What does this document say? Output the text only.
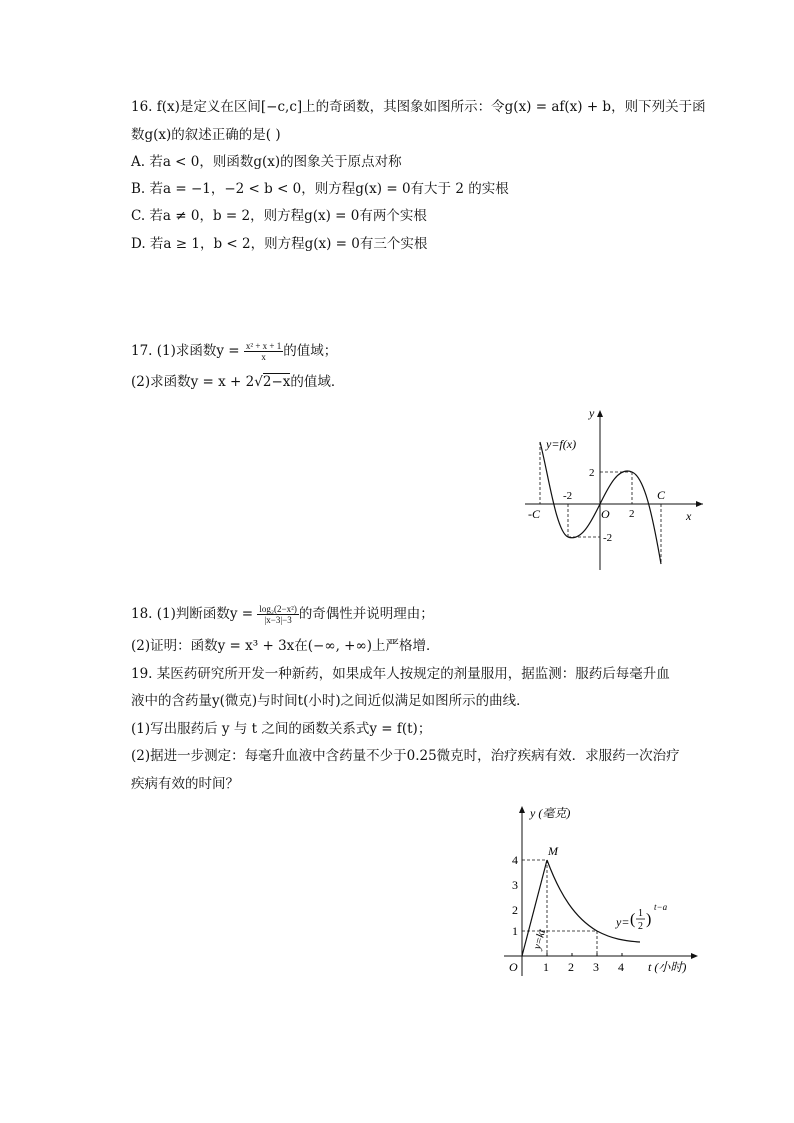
16. f(x)是定义在区间[−c,c]上的奇函数，其图象如图所示：令g(x) = af(x) + b，则下列关于函
数g(x)的叙述正确的是( )
A. 若a < 0，则函数g(x)的图象关于原点对称
B. 若a = −1，−2 < b < 0，则方程g(x) = 0有大于 2 的实根
C. 若a ≠ 0，b = 2，则方程g(x) = 0有两个实根
D. 若a ≥ 1，b < 2，则方程g(x) = 0有三个实根
17. (1)求函数$y = \frac{\text{x² + x + 1}}{x}$ 的值域；
(2)求函数y = x + 2√2−x的值域．
y=f(x)
y
x
2
-2
-2
2
O
C
-C
18. (1)判断函数$y = \frac{\text{log₂(2−x²)}}{|x-3|-3}$ 的奇偶性并说明理由；
(2)证明：函数y = x³ + 3x在(−∞, +∞)上严格增．
19. 某医药研究所开发一种新药，如果成年人按规定的剂量服用，据监测：服药后每毫升血
液中的含药量y(微克)与时间t(小时)之间近似满足如图所示的曲线．
(1)写出服药后 y 与 t 之间的函数关系式y = f(t)；
(2)据进一步测定：每毫升血液中含药量不少于0.25微克时，治疗疾病有效．求服药一次治疗
疾病有效的时间？
y (毫克)
t (小时)
O
M
4
3
2
1
1 2 3 4
y=kt
y= ( 1
2 )
t−a
